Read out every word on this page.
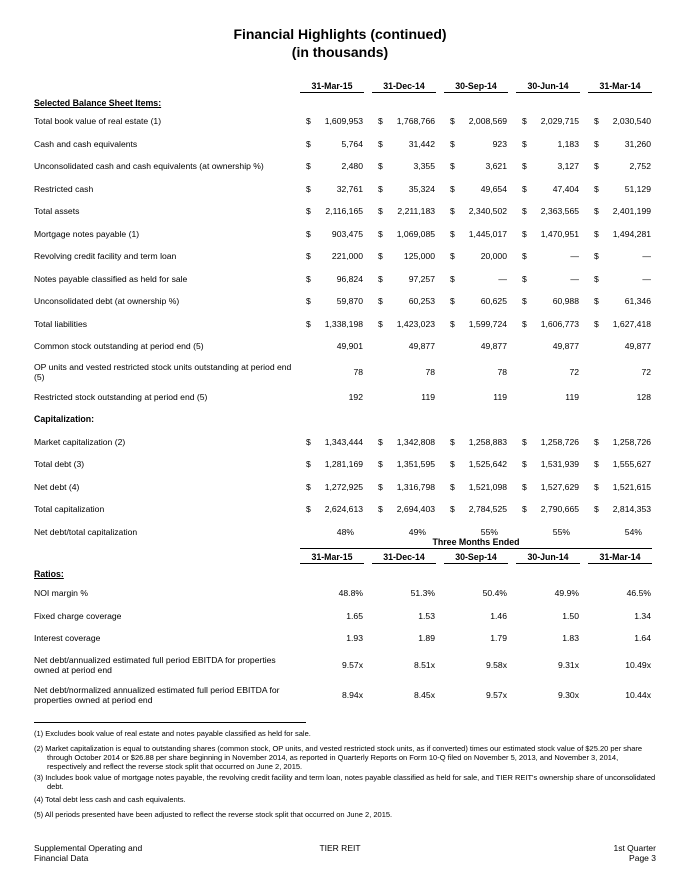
Financial Highlights (continued)
(in thousands)

	31-Mar-15	31-Dec-14	30-Sep-14	30-Jun-14	31-Mar-14

Selected Balance Sheet Items:					
Total book value of real estate (1)	$ 1,609,953	$ 1,768,766	$ 2,008,569	$ 2,029,715	$ 2,030,540

Cash and cash equivalents	$ 5,764	$ 31,442	$ 923	$ 1,183	$ 31,260

Unconsolidated cash and cash equivalents (at ownership %)	$ 2,480	$ 3,355	$ 3,621	$ 3,127	$ 2,752

Restricted cash	$ 32,761	$ 35,324	$ 49,654	$ 47,404	$ 51,129

Total assets	$ 2,116,165	$ 2,211,183	$ 2,340,502	$ 2,363,565	$ 2,401,199

Mortgage notes payable (1)	$ 903,475	$ 1,069,085	$ 1,445,017	$ 1,470,951	$ 1,494,281

Revolving credit facility and term loan	$ 221,000	$ 125,000	$ 20,000	$ —	$ —

Notes payable classified as held for sale	$ 96,824	$ 97,257	$ —	$ —	$ —

Unconsolidated debt (at ownership %)	$ 59,870	$ 60,253	$ 60,625	$ 60,988	$ 61,346

Total liabilities	$ 1,338,198	$ 1,423,023	$ 1,599,724	$ 1,606,773	$ 1,627,418

Common stock outstanding at period end (5)	49,901	49,877	49,877	49,877	49,877

OP units and vested restricted stock units outstanding at period end (5)	78	78	78	72	72

Restricted stock outstanding at period end (5)	192	119	119	119	128

Capitalization:					
Market capitalization (2)	$ 1,343,444	$ 1,342,808	$ 1,258,883	$ 1,258,726	$ 1,258,726

Total debt (3)	$ 1,281,169	$ 1,351,595	$ 1,525,642	$ 1,531,939	$ 1,555,627

Net debt (4)	$ 1,272,925	$ 1,316,798	$ 1,521,098	$ 1,527,629	$ 1,521,615

Total capitalization	$ 2,624,613	$ 2,694,403	$ 2,784,525	$ 2,790,665	$ 2,814,353

Net debt/total capitalization	48%	49%	55%	55%	54%

	Three Months Ended				

	31-Mar-15	31-Dec-14	30-Sep-14	30-Jun-14	31-Mar-14

Ratios:					
NOI margin %	48.8%	51.3%	50.4%	49.9%	46.5%

Fixed charge coverage	1.65	1.53	1.46	1.50	1.34

Interest coverage	1.93	1.89	1.79	1.83	1.64

Net debt/annualized estimated full period EBITDA for properties owned at period end	9.57x	8.51x	9.58x	9.31x	10.49x

Net debt/normalized annualized estimated full period EBITDA for properties owned at period end	8.94x	8.45x	9.57x	9.30x	10.44x
(1) Excludes book value of real estate and notes payable classified as held for sale.
(2) Market capitalization is equal to outstanding shares (common stock, OP units, and vested restricted stock units, as if converted) times our estimated stock value of $25.20 per share through October 2014 or $26.88 per share beginning in November 2014, as reported in Quarterly Reports on Form 10-Q filed on November 5, 2013, and November 3, 2014, respectively and reflect the reverse stock split that occurred on June 2, 2015.
(3) Includes book value of mortgage notes payable, the revolving credit facility and term loan, notes payable classified as held for sale, and TIER REIT's ownership share of unconsolidated debt.
(4) Total debt less cash and cash equivalents.
(5) All periods presented have been adjusted to reflect the reverse stock split that occurred on June 2, 2015.
Supplemental Operating and
Financial Data
TIER REIT	1st Quarter
Page 3
